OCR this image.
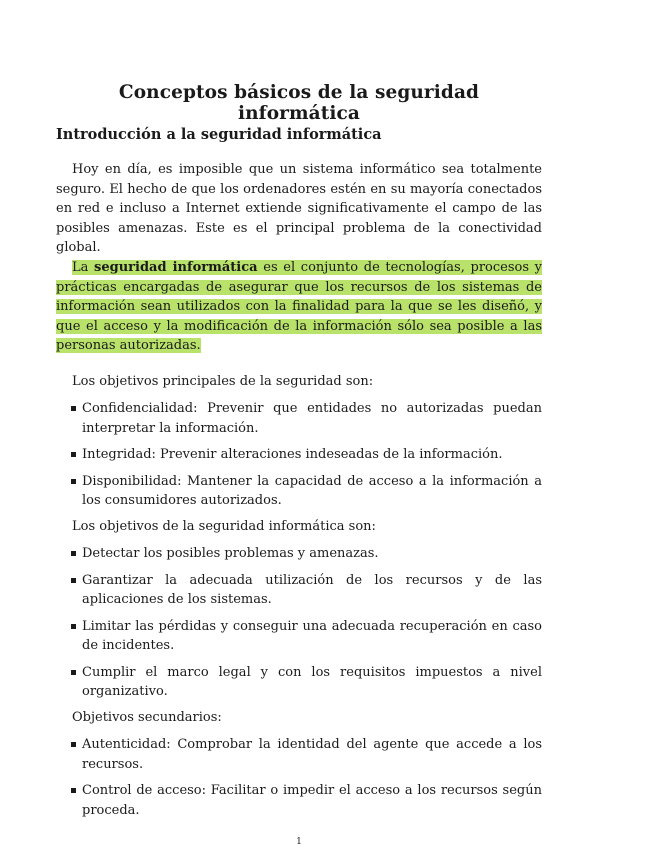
Conceptos básicos de la seguridad informática
Introducción a la seguridad informática

Hoy en día, es imposible que un sistema informático sea totalmente seguro. El hecho de que los ordenadores estén en su mayoría conectados en red e incluso a Internet extiende significativamente el campo de las posibles amenazas. Este es el principal problema de la conectividad global.

La seguridad informática es el conjunto de tecnologías, procesos y prácticas encargadas de asegurar que los recursos de los sistemas de información sean utilizados con la finalidad para la que se les diseñó, y que el acceso y la modificación de la información sólo sea posible a las personas autorizadas.

Los objetivos principales de la seguridad son:

Confidencialidad: Prevenir que entidades no autorizadas puedan interpretar la información.
Integridad: Prevenir alteraciones indeseadas de la información.
Disponibilidad: Mantener la capacidad de acceso a la información a los consumidores autorizados.

Los objetivos de la seguridad informática son:

Detectar los posibles problemas y amenazas.
Garantizar la adecuada utilización de los recursos y de las aplicaciones de los sistemas.
Limitar las pérdidas y conseguir una adecuada recuperación en caso de incidentes.
Cumplir el marco legal y con los requisitos impuestos a nivel organizativo.

Objetivos secundarios:

Autenticidad: Comprobar la identidad del agente que accede a los recursos.
Control de acceso: Facilitar o impedir el acceso a los recursos según proceda.
1
